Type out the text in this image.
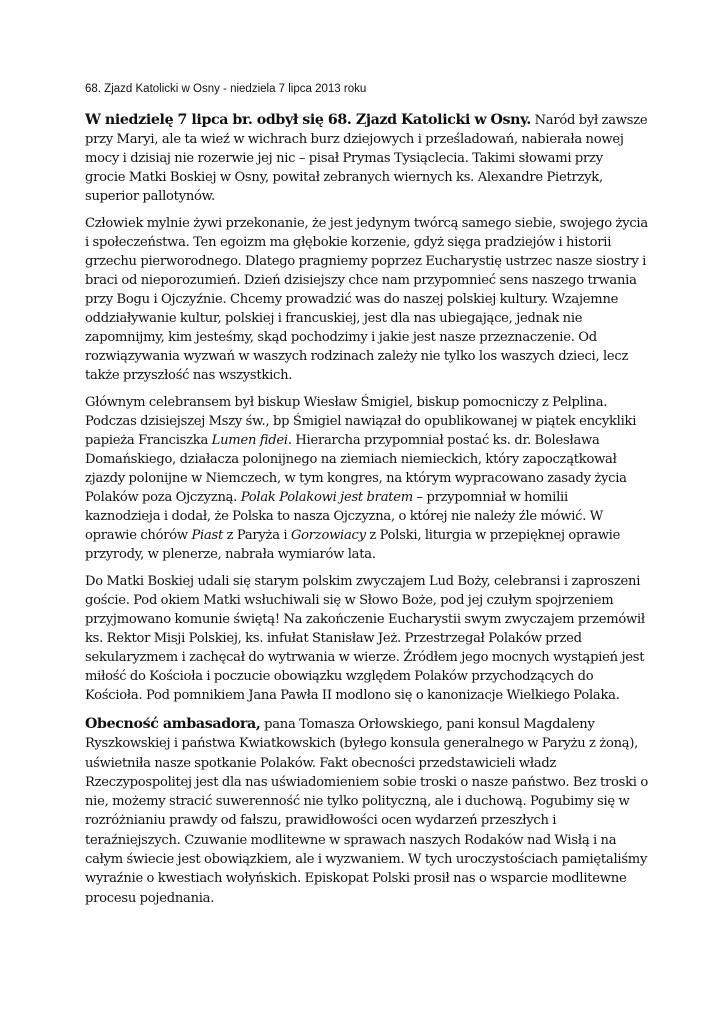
68. Zjazd Katolicki w Osny - niedziela 7 lipca 2013 roku
W niedzielę 7 lipca br. odbył się 68. Zjazd Katolicki w Osny. Naród był zawsze
przy Maryi, ale ta wieź w wichrach burz dziejowych i prześladowań, nabierała nowej
mocy i dzisiaj nie rozerwie jej nic – pisał Prymas Tysiąclecia. Takimi słowami przy
grocie Matki Boskiej w Osny, powitał zebranych wiernych ks. Alexandre Pietrzyk,
superior pallotynów.
Człowiek mylnie żywi przekonanie, że jest jedynym twórcą samego siebie, swojego życia
i społeczeństwa. Ten egoizm ma głębokie korzenie, gdyż sięga pradziejów i historii
grzechu pierworodnego. Dlatego pragniemy poprzez Eucharystię ustrzec nasze siostry i
braci od nieporozumień. Dzień dzisiejszy chce nam przypomnieć sens naszego trwania
przy Bogu i Ojczyźnie. Chcemy prowadzić was do naszej polskiej kultury. Wzajemne
oddziaływanie kultur, polskiej i francuskiej, jest dla nas ubiegające, jednak nie
zapomnijmy, kim jesteśmy, skąd pochodzimy i jakie jest nasze przeznaczenie. Od
rozwiązywania wyzwań w waszych rodzinach zależy nie tylko los waszych dzieci, lecz
także przyszłość nas wszystkich.
Głównym celebransem był biskup Wiesław Śmigiel, biskup pomocniczy z Pelplina.
Podczas dzisiejszej Mszy św., bp Śmigiel nawiązał do opublikowanej w piątek encykliki
papieża Franciszka Lumen fidei. Hierarcha przypomniał postać ks. dr. Bolesława
Domańskiego, działacza polonijnego na ziemiach niemieckich, który zapoczątkował
zjazdy polonijne w Niemczech, w tym kongres, na którym wypracowano zasady życia
Polaków poza Ojczyzną. Polak Polakowi jest bratem – przypomniał w homilii
kaznodzieja i dodał, że Polska to nasza Ojczyzna, o której nie należy źle mówić. W
oprawie chórów Piast z Paryża i Gorzowiacy z Polski, liturgia w przepięknej oprawie
przyrody, w plenerze, nabrała wymiarów lata.
Do Matki Boskiej udali się starym polskim zwyczajem Lud Boży, celebransi i zaproszeni
goście. Pod okiem Matki wsłuchiwali się w Słowo Boże, pod jej czułym spojrzeniem
przyjmowano komunie świętą! Na zakończenie Eucharystii swym zwyczajem przemówił
ks. Rektor Misji Polskiej, ks. infułat Stanisław Jeż. Przestrzegał Polaków przed
sekularyzmem i zachęcał do wytrwania w wierze. Źródłem jego mocnych wystąpień jest
miłość do Kościoła i poczucie obowiązku względem Polaków przychodzących do
Kościoła. Pod pomnikiem Jana Pawła II modlono się o kanonizacje Wielkiego Polaka.
Obecność ambasadora, pana Tomasza Orłowskiego, pani konsul Magdaleny
Ryszkowskiej i państwa Kwiatkowskich (byłego konsula generalnego w Paryżu z żoną),
uświetniła nasze spotkanie Polaków. Fakt obecności przedstawicieli władz
Rzeczypospolitej jest dla nas uświadomieniem sobie troski o nasze państwo. Bez troski o
nie, możemy stracić suwerenność nie tylko polityczną, ale i duchową. Pogubimy się w
rozróżnianiu prawdy od fałszu, prawidłowości ocen wydarzeń przeszłych i
teraźniejszych. Czuwanie modlitewne w sprawach naszych Rodaków nad Wisłą i na
całym świecie jest obowiązkiem, ale i wyzwaniem. W tych uroczystościach pamiętaliśmy
wyraźnie o kwestiach wołyńskich. Episkopat Polski prosił nas o wsparcie modlitewne
procesu pojednania.
